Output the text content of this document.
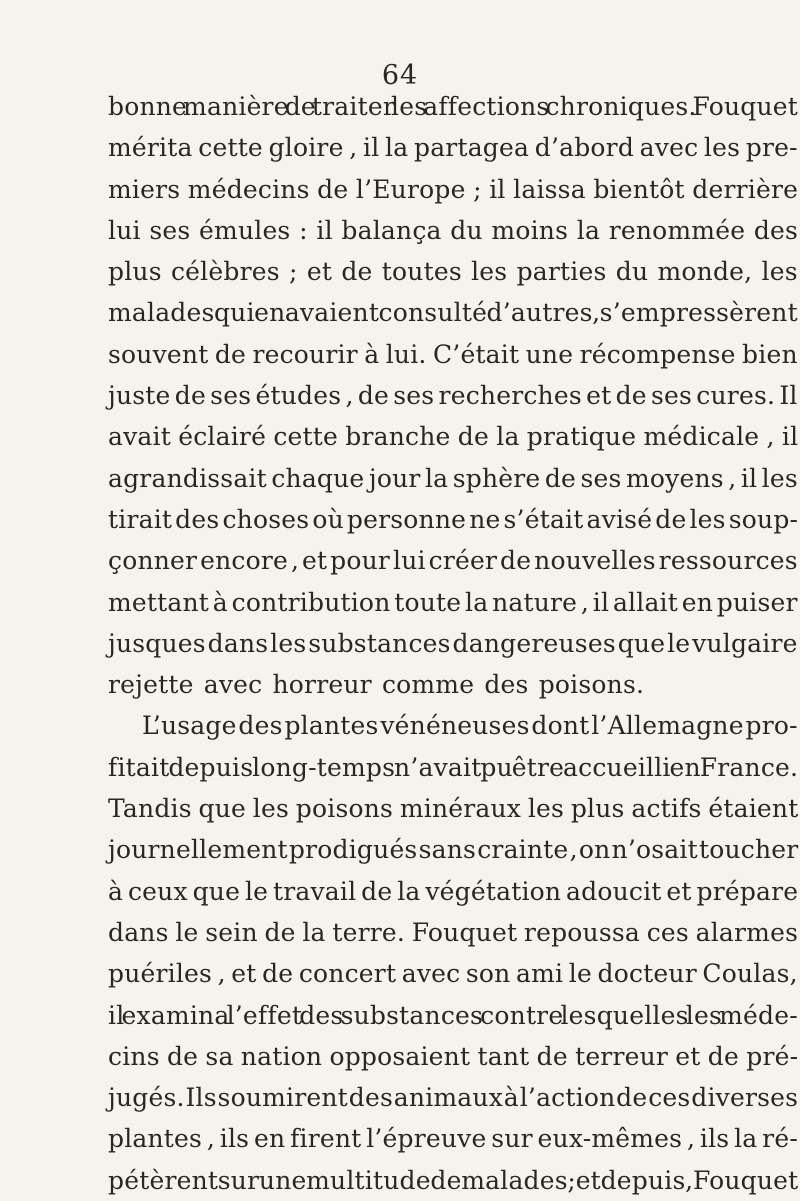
64
bonne manière de traiter les affections chroniques. Fouquet
mérita cette gloire , il la partagea d’abord avec les pre-
miers médecins de l’Europe ; il laissa bientôt derrière
lui ses émules : il balança du moins la renommée des
plus célèbres ; et de toutes les parties du monde, les
malades qui en avaient consulté d’autres , s’empressèrent
souvent de recourir à lui. C’était une récompense bien
juste de ses études , de ses recherches et de ses cures. Il
avait éclairé cette branche de la pratique médicale , il
agrandissait chaque jour la sphère de ses moyens , il les
tirait des choses où personne ne s’était avisé de les soup-
çonner encore , et pour lui créer de nouvelles ressources
mettant à contribution toute la nature , il allait en puiser
jusques dans les substances dangereuses que le vulgaire
rejette avec horreur comme des poisons.
L’usage des plantes vénéneuses dont l’Allemagne pro-
fitait depuis long-temps n’avait pu être accueilli en France.
Tandis que les poisons minéraux les plus actifs étaient
journellement prodigués sans crainte , on n’osait toucher
à ceux que le travail de la végétation adoucit et prépare
dans le sein de la terre. Fouquet repoussa ces alarmes
puériles , et de concert avec son ami le docteur Coulas,
il examina l’effet des substances contre lesquelles les méde-
cins de sa nation opposaient tant de terreur et de pré-
jugés. Ils soumirent des animaux à l’action de ces diverses
plantes , ils en firent l’épreuve sur eux-mêmes , ils la ré-
pétèrent sur une multitude de malades ; et depuis , Fouquet
